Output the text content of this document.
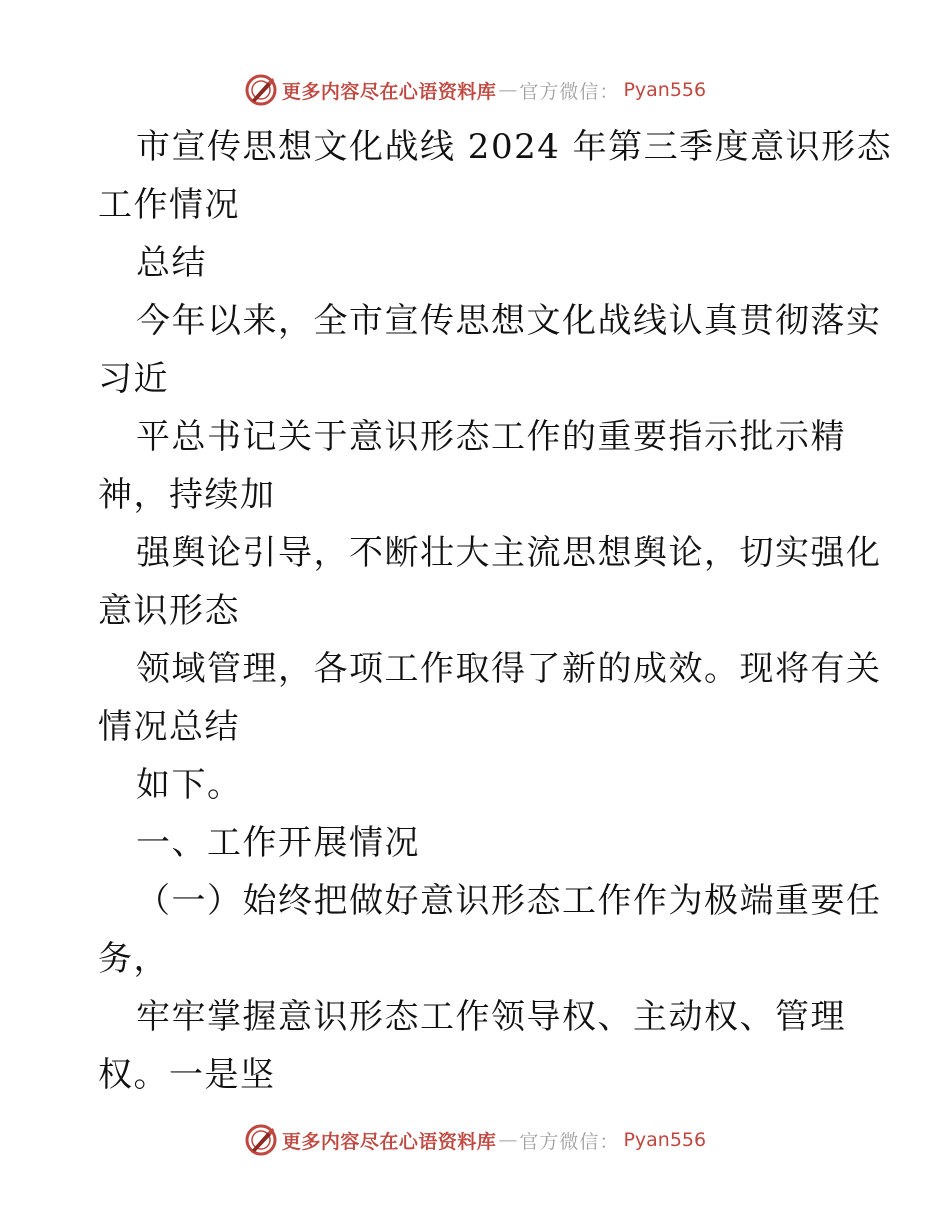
更多内容尽在心语资料库 — 官方微信： Pyan556

市宣传思想文化战线 2024 年第三季度意识形态

工作情况

总结

今年以来，全市宣传思想文化战线认真贯彻落实

习近

平总书记关于意识形态工作的重要指示批示精

神，持续加

强舆论引导，不断壮大主流思想舆论，切实强化

意识形态

领域管理，各项工作取得了新的成效。现将有关

情况总结

如下。

一、工作开展情况

（一）始终把做好意识形态工作作为极端重要任

务，

牢牢掌握意识形态工作领导权、主动权、管理

权。一是坚

更多内容尽在心语资料库 — 官方微信： Pyan556
